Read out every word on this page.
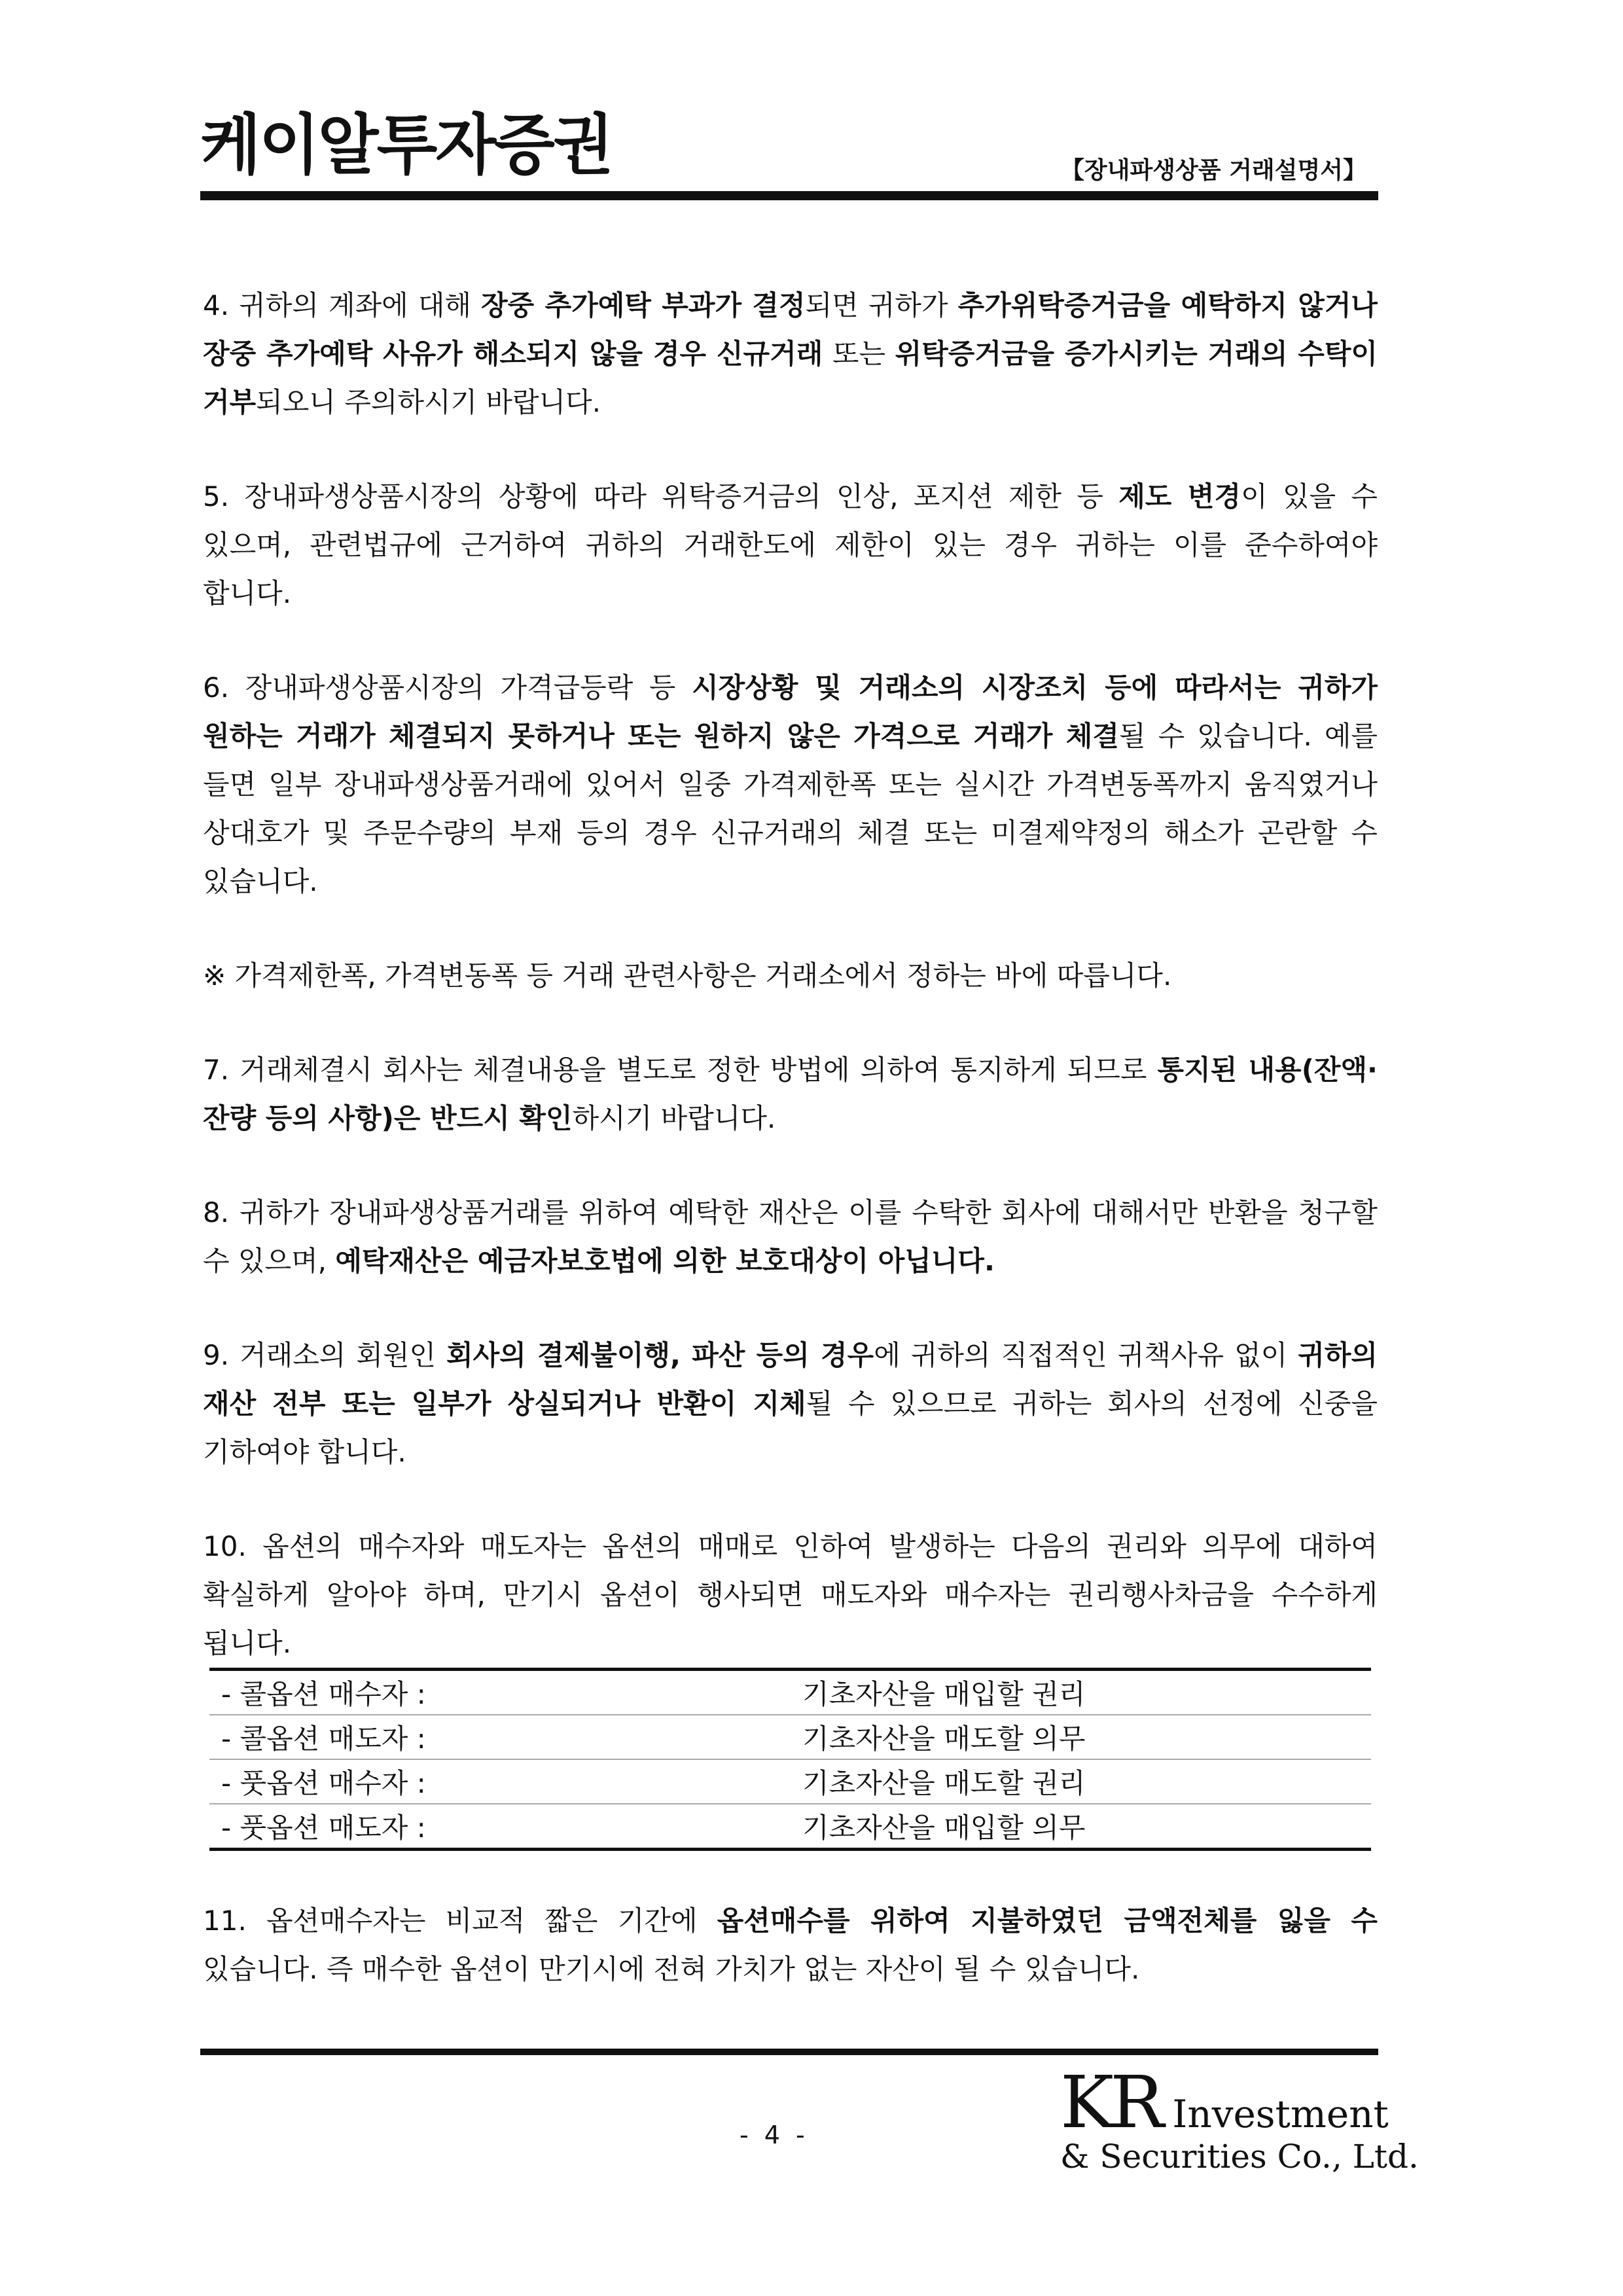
케이알투자증권	【장내파생상품 거래설명서】

4. 귀하의 계좌에 대해 장중 추가예탁 부과가 결정되면 귀하가 추가위탁증거금을 예탁하지 않거나 장중 추가예탁 사유가 해소되지 않을 경우 신규거래 또는 위탁증거금을 증가시키는 거래의 수탁이 거부되오니 주의하시기 바랍니다.

5. 장내파생상품시장의 상황에 따라 위탁증거금의 인상, 포지션 제한 등 제도 변경이 있을 수 있으며, 관련법규에 근거하여 귀하의 거래한도에 제한이 있는 경우 귀하는 이를 준수하여야 합니다.

6. 장내파생상품시장의 가격급등락 등 시장상황 및 거래소의 시장조치 등에 따라서는 귀하가 원하는 거래가 체결되지 못하거나 또는 원하지 않은 가격으로 거래가 체결될 수 있습니다. 예를 들면 일부 장내파생상품거래에 있어서 일중 가격제한폭 또는 실시간 가격변동폭까지 움직였거나 상대호가 및 주문수량의 부재 등의 경우 신규거래의 체결 또는 미결제약정의 해소가 곤란할 수 있습니다.

※ 가격제한폭, 가격변동폭 등 거래 관련사항은 거래소에서 정하는 바에 따릅니다.

7. 거래체결시 회사는 체결내용을 별도로 정한 방법에 의하여 통지하게 되므로 통지된 내용(잔액·잔량 등의 사항)은 반드시 확인하시기 바랍니다.

8. 귀하가 장내파생상품거래를 위하여 예탁한 재산은 이를 수탁한 회사에 대해서만 반환을 청구할 수 있으며, 예탁재산은 예금자보호법에 의한 보호대상이 아닙니다.

9. 거래소의 회원인 회사의 결제불이행, 파산 등의 경우에 귀하의 직접적인 귀책사유 없이 귀하의 재산 전부 또는 일부가 상실되거나 반환이 지체될 수 있으므로 귀하는 회사의 선정에 신중을 기하여야 합니다.

10. 옵션의 매수자와 매도자는 옵션의 매매로 인하여 발생하는 다음의 권리와 의무에 대하여 확실하게 알아야 하며, 만기시 옵션이 행사되면 매도자와 매수자는 권리행사차금을 수수하게 됩니다.

- 콜옵션 매수자 :	기초자산을 매입할 권리
- 콜옵션 매도자 :	기초자산을 매도할 의무
- 풋옵션 매수자 :	기초자산을 매도할 권리
- 풋옵션 매도자 :	기초자산을 매입할 의무

11. 옵션매수자는 비교적 짧은 기간에 옵션매수를 위하여 지불하였던 금액전체를 잃을 수 있습니다. 즉 매수한 옵션이 만기시에 전혀 가치가 없는 자산이 될 수 있습니다.

- 4 -	KR Investment
& Securities Co., Ltd.
